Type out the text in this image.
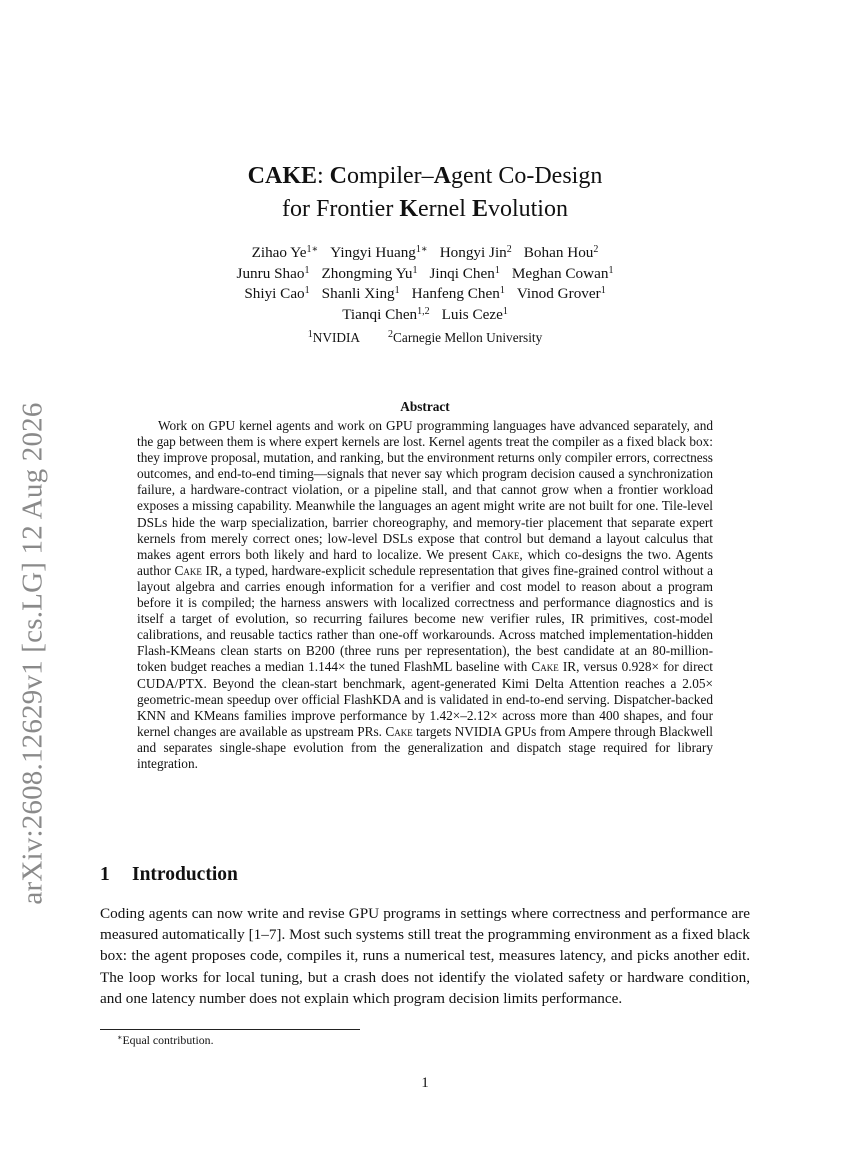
arXiv:2608.12629v1 [cs.LG] 12 Aug 2026
CAKE: Compiler–Agent Co-Design
for Frontier Kernel Evolution
Zihao $Ye^{1∗}$ Yingyi Huang$^{1∗}$ Hongyi Jin$^2$ Bohan Hou$^2$
Junru Shao$^1$ Zhongming Yu$^1$ Jinqi Chen$^1$ Meghan Cowan$^1$
Shiyi Cao$^1$ Shanli Xing$^1$ Hanfeng Chen$^1$ Vinod Grover$^1$
Tianqi Chen$^{1,2}$ Luis Ceze$^1$
$^1$NVIDIA	$^2$Carnegie Mellon University
Abstract
Work on GPU kernel agents and work on GPU programming languages have advanced separately, and the gap between them is where expert kernels are lost. Kernel agents treat the compiler as a fixed black box: they improve proposal, mutation, and ranking, but the environment returns only compiler errors, correctness outcomes, and end-to-end timing—signals that never say which program decision caused a synchronization failure, a hardware-contract violation, or a pipeline stall, and that cannot grow when a frontier workload exposes a missing capability. Meanwhile the languages an agent might write are not built for one. Tile-level DSLs hide the warp specialization, barrier choreography, and memory-tier placement that separate expert kernels from merely correct ones; low-level DSLs expose that control but demand a layout calculus that makes agent errors both likely and hard to localize. We present Cake, which co-designs the two. Agents author Cake IR, a typed, hardware-explicit schedule representation that gives fine-grained control without a layout algebra and carries enough information for a verifier and cost model to reason about a program before it is compiled; the harness answers with localized correctness and performance diagnostics and is itself a target of evolution, so recurring failures become new verifier rules, IR primitives, cost-model calibrations, and reusable tactics rather than one-off workarounds. Across matched implementation-hidden Flash-KMeans clean starts on B200 (three runs per representation), the best candidate at an 80-million-token budget reaches a median 1.144× the tuned FlashML baseline with Cake IR, versus 0.928× for direct CUDA/PTX. Beyond the clean-start benchmark, agent-generated Kimi Delta Attention reaches a 2.05× geometric-mean speedup over official FlashKDA and is validated in end-to-end serving. Dispatcher-backed KNN and KMeans families improve performance by 1.42×–2.12× across more than 400 shapes, and four kernel changes are available as upstream PRs. Cake targets NVIDIA GPUs from Ampere through Blackwell and separates single-shape evolution from the generalization and dispatch stage required for library integration.
1 Introduction
Coding agents can now write and revise GPU programs in settings where correctness and performance are measured automatically [1–7]. Most such systems still treat the programming environment as a fixed black box: the agent proposes code, compiles it, runs a numerical test, measures latency, and picks another edit. The loop works for local tuning, but a crash does not identify the violated safety or hardware condition, and one latency number does not explain which program decision limits performance.
∗Equal contribution.
1
